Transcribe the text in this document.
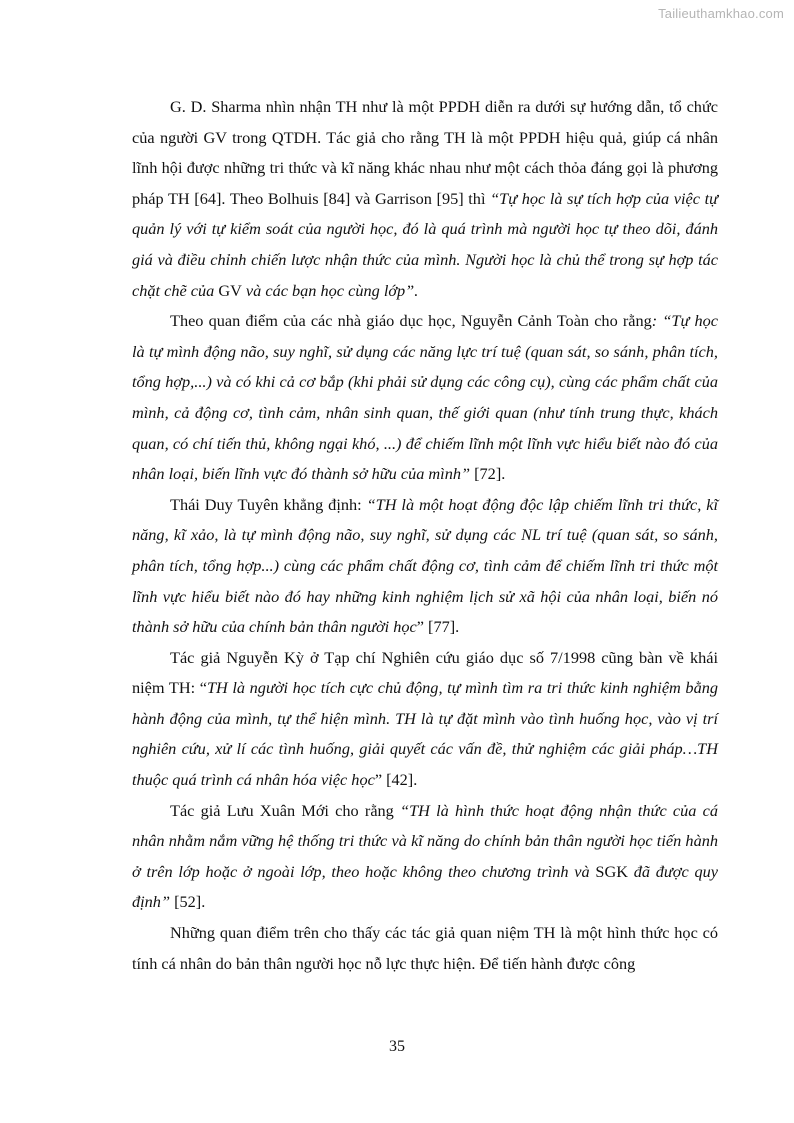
Tailieuthamkhao.com

G. D. Sharma nhìn nhận TH như là một PPDH diễn ra dưới sự hướng dẫn, tổ chức của người GV trong QTDH. Tác giả cho rằng TH là một PPDH hiệu quả, giúp cá nhân lĩnh hội được những tri thức và kĩ năng khác nhau như một cách thỏa đáng gọi là phương pháp TH [64]. Theo Bolhuis [84] và Garrison [95] thì “Tự học là sự tích hợp của việc tự quản lý với tự kiểm soát của người học, đó là quá trình mà người học tự theo dõi, đánh giá và điều chỉnh chiến lược nhận thức của mình. Người học là chủ thể trong sự hợp tác chặt chẽ của GV và các bạn học cùng lớp”.

Theo quan điểm của các nhà giáo dục học, Nguyễn Cảnh Toàn cho rằng: “Tự học là tự mình động não, suy nghĩ, sử dụng các năng lực trí tuệ (quan sát, so sánh, phân tích, tổng hợp,...) và có khi cả cơ bắp (khi phải sử dụng các công cụ), cùng các phẩm chất của mình, cả động cơ, tình cảm, nhân sinh quan, thế giới quan (như tính trung thực, khách quan, có chí tiến thủ, không ngại khó, ...) để chiếm lĩnh một lĩnh vực hiểu biết nào đó của nhân loại, biến lĩnh vực đó thành sở hữu của mình” [72].

Thái Duy Tuyên khẳng định: “TH là một hoạt động độc lập chiếm lĩnh tri thức, kĩ năng, kĩ xảo, là tự mình động não, suy nghĩ, sử dụng các NL trí tuệ (quan sát, so sánh, phân tích, tổng hợp...) cùng các phẩm chất động cơ, tình cảm để chiếm lĩnh tri thức một lĩnh vực hiểu biết nào đó hay những kinh nghiệm lịch sử xã hội của nhân loại, biến nó thành sở hữu của chính bản thân người học” [77].

Tác giả Nguyễn Kỳ ở Tạp chí Nghiên cứu giáo dục số 7/1998 cũng bàn về khái niệm TH: “TH là người học tích cực chủ động, tự mình tìm ra tri thức kinh nghiệm bằng hành động của mình, tự thể hiện mình. TH là tự đặt mình vào tình huống học, vào vị trí nghiên cứu, xử lí các tình huống, giải quyết các vấn đề, thử nghiệm các giải pháp…TH thuộc quá trình cá nhân hóa việc học” [42].

Tác giả Lưu Xuân Mới cho rằng “TH là hình thức hoạt động nhận thức của cá nhân nhằm nắm vững hệ thống tri thức và kĩ năng do chính bản thân người học tiến hành ở trên lớp hoặc ở ngoài lớp, theo hoặc không theo chương trình và SGK đã được quy định” [52].

Những quan điểm trên cho thấy các tác giả quan niệm TH là một hình thức học có tính cá nhân do bản thân người học nỗ lực thực hiện. Để tiến hành được công

35
